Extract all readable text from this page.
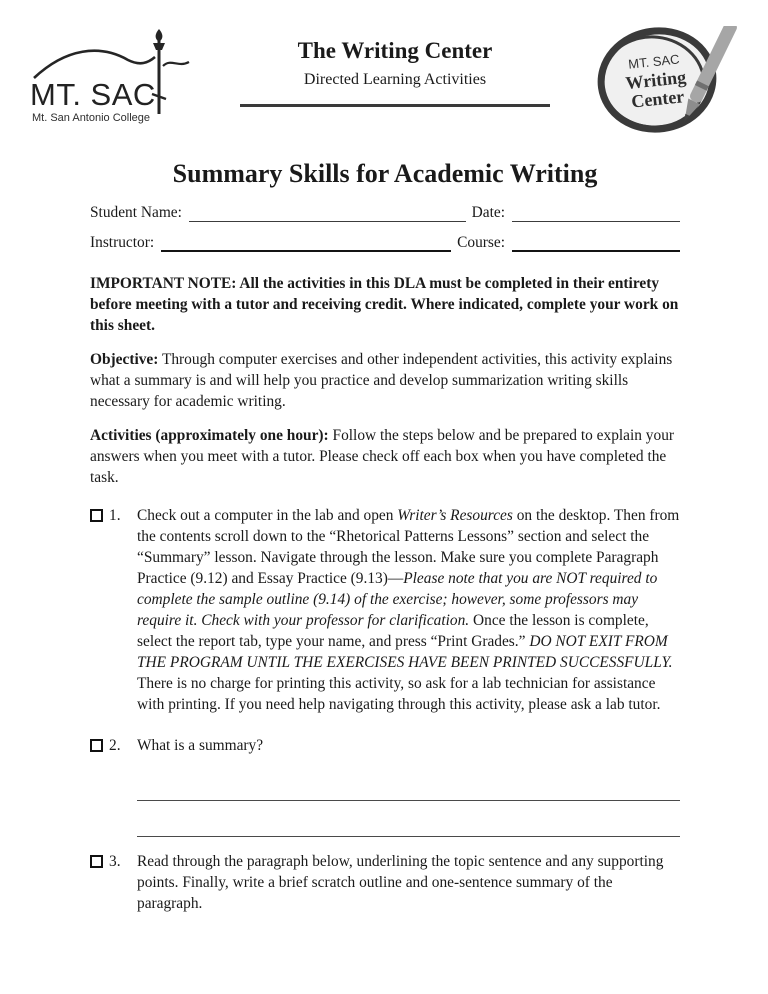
MT. SAC
Mt. San Antonio College
The Writing Center
Directed Learning Activities
MT. SAC
Writing
Center
Summary Skills for Academic Writing
Student Name:	Date:
Instructor:	Course:

IMPORTANT NOTE: All the activities in this DLA must be completed in their entirety before meeting with a tutor and receiving credit. Where indicated, complete your work on this sheet.

Objective: Through computer exercises and other independent activities, this activity explains what a summary is and will help you practice and develop summarization writing skills necessary for academic writing.

Activities (approximately one hour): Follow the steps below and be prepared to explain your answers when you meet with a tutor. Please check off each box when you have completed the task.

1. Check out a computer in the lab and open Writer’s Resources on the desktop. Then from the contents scroll down to the “Rhetorical Patterns Lessons” section and select the “Summary” lesson. Navigate through the lesson. Make sure you complete Paragraph Practice (9.12) and Essay Practice (9.13)—Please note that you are NOT required to complete the sample outline (9.14) of the exercise; however, some professors may require it. Check with your professor for clarification. Once the lesson is complete, select the report tab, type your name, and press “Print Grades.” DO NOT EXIT FROM THE PROGRAM UNTIL THE EXERCISES HAVE BEEN PRINTED SUCCESSFULLY. There is no charge for printing this activity, so ask for a lab technician for assistance with printing. If you need help navigating through this activity, please ask a lab tutor.
2. What is a summary?
3. Read through the paragraph below, underlining the topic sentence and any supporting points. Finally, write a brief scratch outline and one-sentence summary of the paragraph.
